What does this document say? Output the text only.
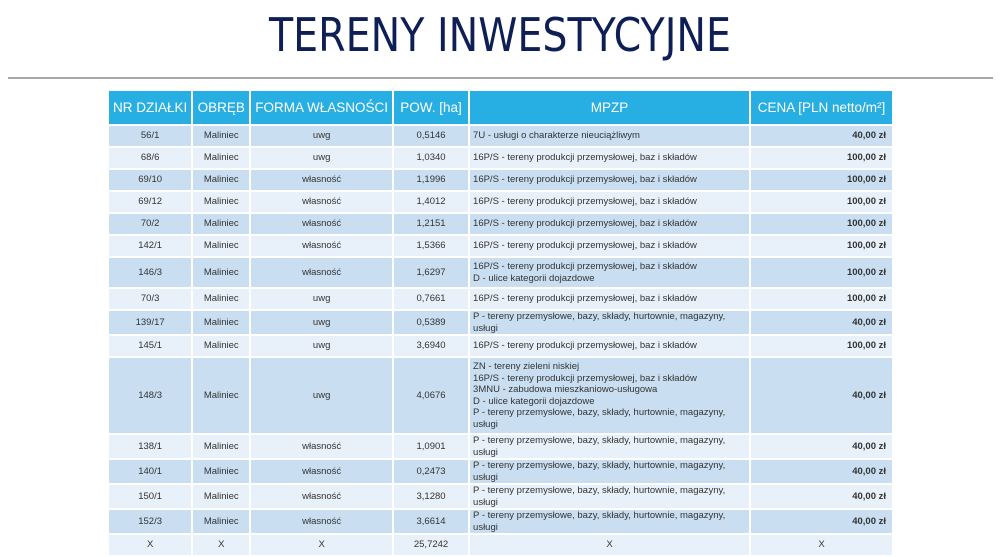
TERENY INWESTYCYJNE
NR DZIAŁKI	OBRĘB	FORMA WŁASNOŚCI	POW. [ha]	MPZP	CENA [PLN netto/m²]
56/1	Maliniec	uwg	0,5146	7U - usługi o charakterze nieuciążliwym	40,00 zł
68/6	Maliniec	uwg	1,0340	16P/S - tereny produkcji przemysłowej, baz i składów	100,00 zł
69/10	Maliniec	własność	1,1996	16P/S - tereny produkcji przemysłowej, baz i składów	100,00 zł
69/12	Maliniec	własność	1,4012	16P/S - tereny produkcji przemysłowej, baz i składów	100,00 zł
70/2	Maliniec	własność	1,2151	16P/S - tereny produkcji przemysłowej, baz i składów	100,00 zł
142/1	Maliniec	własność	1,5366	16P/S - tereny produkcji przemysłowej, baz i składów	100,00 zł
146/3	Maliniec	własność	1,6297	16P/S - tereny produkcji przemysłowej, baz i składów
D - ulice kategorii dojazdowe	100,00 zł
70/3	Maliniec	uwg	0,7661	16P/S - tereny produkcji przemysłowej, baz i składów	100,00 zł
139/17	Maliniec	uwg	0,5389	P - tereny przemysłowe, bazy, składy, hurtownie, magazyny, usługi	40,00 zł
145/1	Maliniec	uwg	3,6940	16P/S - tereny produkcji przemysłowej, baz i składów	100,00 zł
148/3	Maliniec	uwg	4,0676	ZN - tereny zieleni niskiej
16P/S - tereny produkcji przemysłowej, baz i składów
3MNU - zabudowa mieszkaniowo-usługowa
D - ulice kategorii dojazdowe
P - tereny przemysłowe, bazy, składy, hurtownie, magazyny, usługi	40,00 zł
138/1	Maliniec	własność	1,0901	P - tereny przemysłowe, bazy, składy, hurtownie, magazyny, usługi	40,00 zł
140/1	Maliniec	własność	0,2473	P - tereny przemysłowe, bazy, składy, hurtownie, magazyny, usługi	40,00 zł
150/1	Maliniec	własność	3,1280	P - tereny przemysłowe, bazy, składy, hurtownie, magazyny, usługi	40,00 zł
152/3	Maliniec	własność	3,6614	P - tereny przemysłowe, bazy, składy, hurtownie, magazyny, usługi	40,00 zł
X	X	X	25,7242	X	X
